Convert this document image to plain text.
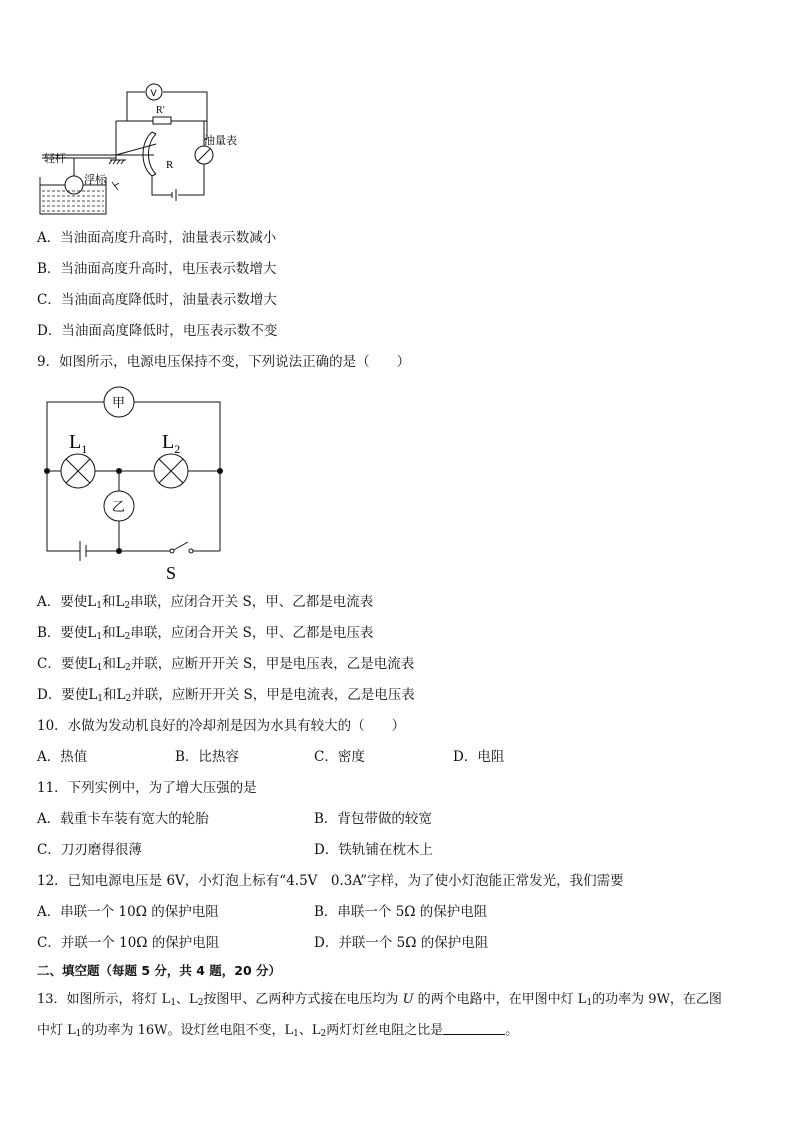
V
R′
R
油量表
轻杆
浮标
A．当油面高度升高时，油量表示数减小
B．当油面高度升高时，电压表示数增大
C．当油面高度降低时，油量表示数增大
D．当油面高度降低时，电压表示数不变
9．如图所示，电源电压保持不变，下列说法正确的是（　　）
甲
乙
$L_1$	$L_2$
S
A．要使$L_1$和$L_2$串联，应闭合开关 S，甲、乙都是电流表
B．要使$L_1$和$L_2$串联，应闭合开关 S，甲、乙都是电压表
C．要使$L_1$和$L_2$并联，应断开开关 S，甲是电压表，乙是电流表
D．要使$L_1$和$L_2$并联，应断开开关 S，甲是电流表，乙是电压表
10．水做为发动机良好的冷却剂是因为水具有较大的（　　）
A．热值	B．比热容	C．密度	D．电阻
11．下列实例中，为了增大压强的是
A．载重卡车装有宽大的轮胎	B．背包带做的较宽
C．刀刃磨得很薄	D．铁轨铺在枕木上
12．已知电源电压是 6V，小灯泡上标有“4.5V　0.3A”字样，为了使小灯泡能正常发光，我们需要
A．串联一个 10Ω 的保护电阻	B．串联一个 5Ω 的保护电阻
C．并联一个 10Ω 的保护电阻	D．并联一个 5Ω 的保护电阻
二、填空题（每题 5 分，共 4 题，20 分）
13．如图所示，将灯 $L_1$、$L_2$按图甲、乙两种方式接在电压均为 U 的两个电路中，在甲图中灯 $L_1$的功率为 9W，在乙图
中灯 $L_1$的功率为 16W。设灯丝电阻不变，$L_1$、$L_2$两灯灯丝电阻之比是	。
